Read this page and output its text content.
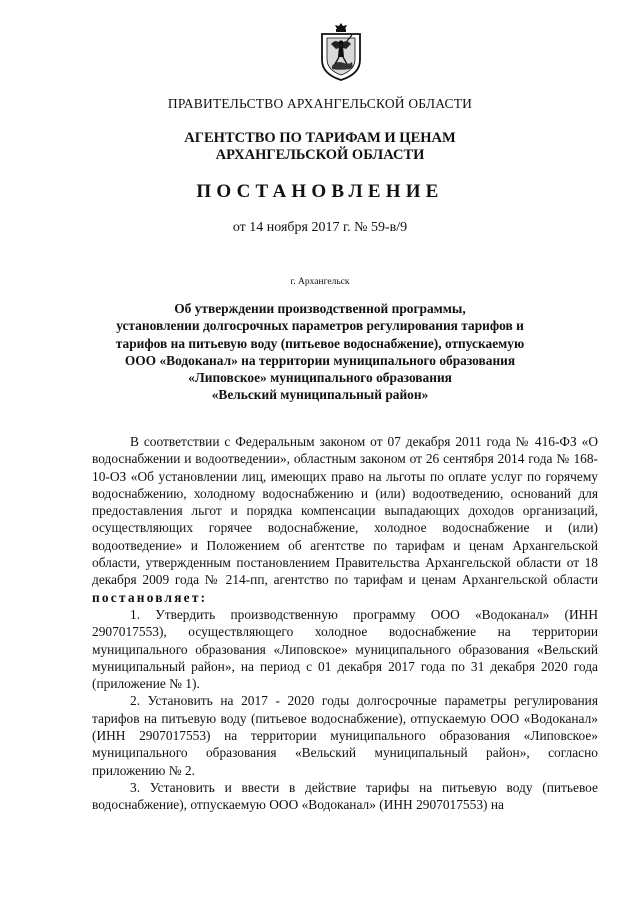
ПРАВИТЕЛЬСТВО АРХАНГЕЛЬСКОЙ ОБЛАСТИ
АГЕНТСТВО ПО ТАРИФАМ И ЦЕНАМ
АРХАНГЕЛЬСКОЙ ОБЛАСТИ
ПОСТАНОВЛЕНИЕ
от 14 ноября 2017 г. № 59-в/9
г. Архангельск
Об утверждении производственной программы,
установлении долгосрочных параметров регулирования тарифов и
тарифов на питьевую воду (питьевое водоснабжение), отпускаемую
ООО «Водоканал» на территории муниципального образования
«Липовское» муниципального образования
«Вельский муниципальный район»

В соответствии с Федеральным законом от 07 декабря 2011 года № 416-ФЗ «О водоснабжении и водоотведении», областным законом от 26 сентября 2014 года № 168-10-ОЗ «Об установлении лиц, имеющих право на льготы по оплате услуг по горячему водоснабжению, холодному водоснабжению и (или) водоотведению, оснований для предоставления льгот и порядка компенсации выпадающих доходов организаций, осуществляющих горячее водоснабжение, холодное водоснабжение и (или) водоотведение» и Положением об агентстве по тарифам и ценам Архангельской области, утвержденным постановлением Правительства Архангельской области от 18 декабря 2009 года № 214-пп, агентство по тарифам и ценам Архангельской области постановляет:

1. Утвердить производственную программу ООО «Водоканал» (ИНН 2907017553), осуществляющего холодное водоснабжение на территории муниципального образования «Липовское» муниципального образования «Вельский муниципальный район», на период с 01 декабря 2017 года по 31 декабря 2020 года (приложение № 1).

2. Установить на 2017 - 2020 годы долгосрочные параметры регулирования тарифов на питьевую воду (питьевое водоснабжение), отпускаемую ООО «Водоканал» (ИНН 2907017553) на территории муниципального образования «Липовское» муниципального образования «Вельский муниципальный район», согласно приложению № 2.

3. Установить и ввести в действие тарифы на питьевую воду (питьевое водоснабжение), отпускаемую ООО «Водоканал» (ИНН 2907017553) на
